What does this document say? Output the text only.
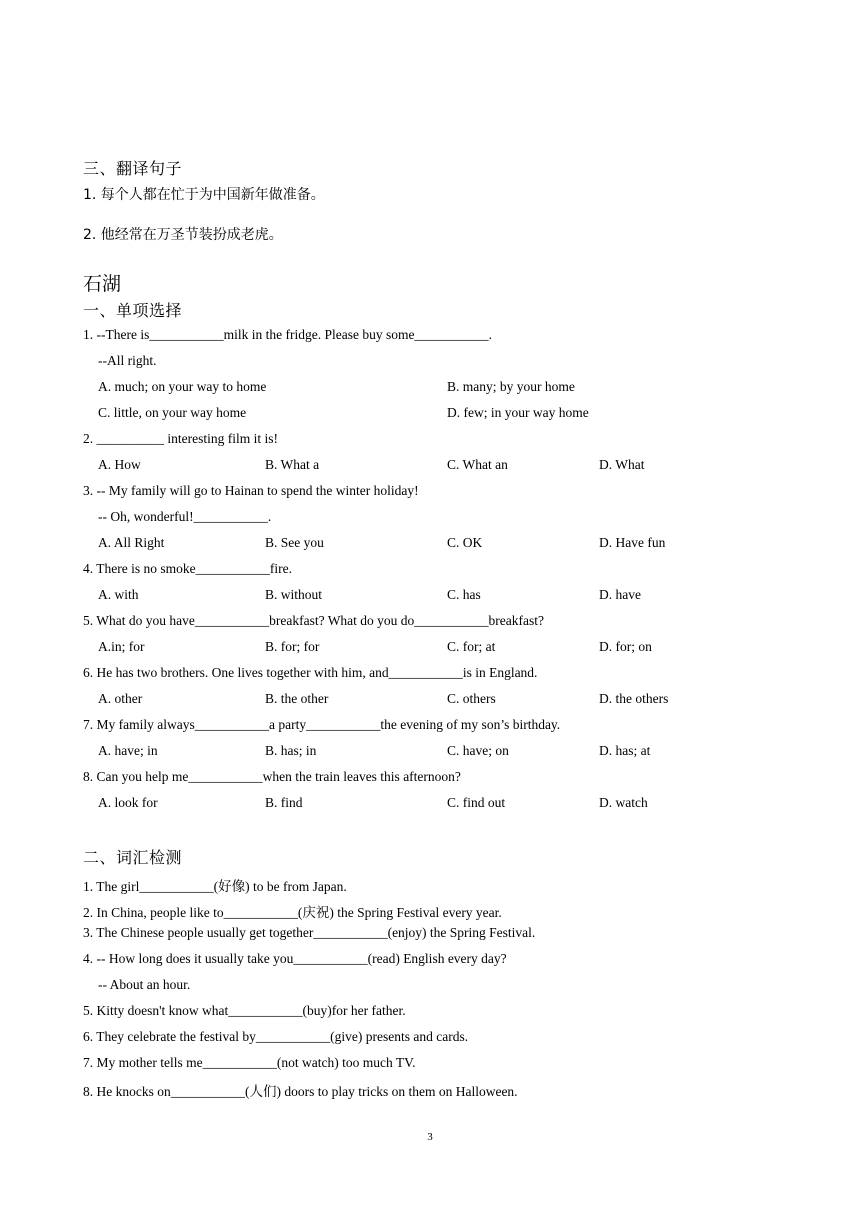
三、翻译句子
1. 每个人都在忙于为中国新年做准备。
2. 他经常在万圣节装扮成老虎。
石湖
一、单项选择
1. --There is___________milk in the fridge. Please buy some___________.
--All right.
A. much; on your way to home	B. many; by your home
C. little, on your way home	D. few; in your way home
2. __________ interesting film it is!
A. How	B. What a	C. What an	D. What
3. -- My family will go to Hainan to spend the winter holiday!
-- Oh, wonderful!___________.
A. All Right	B. See you	C. OK	D. Have fun
4. There is no smoke___________fire.
A. with	B. without	C. has	D. have
5. What do you have___________breakfast? What do you do___________breakfast?
A.in; for	B. for; for	C. for; at	D. for; on
6. He has two brothers. One lives together with him, and___________is in England.
A. other	B. the other	C. others	D. the others
7. My family always___________a party___________the evening of my son’s birthday.
A. have; in	B. has; in	C. have; on	D. has; at
8. Can you help me___________when the train leaves this afternoon?
A. look for	B. find	C. find out	D. watch
二、词汇检测
1. The girl___________(好像) to be from Japan.
2. In China, people like to___________(庆祝) the Spring Festival every year.
3. The Chinese people usually get together___________(enjoy) the Spring Festival.
4. -- How long does it usually take you___________(read) English every day?
-- About an hour.
5. Kitty doesn't know what___________(buy)for her father.
6. They celebrate the festival by___________(give) presents and cards.
7. My mother tells me___________(not watch) too much TV.
8. He knocks on___________(人们) doors to play tricks on them on Halloween.
3
